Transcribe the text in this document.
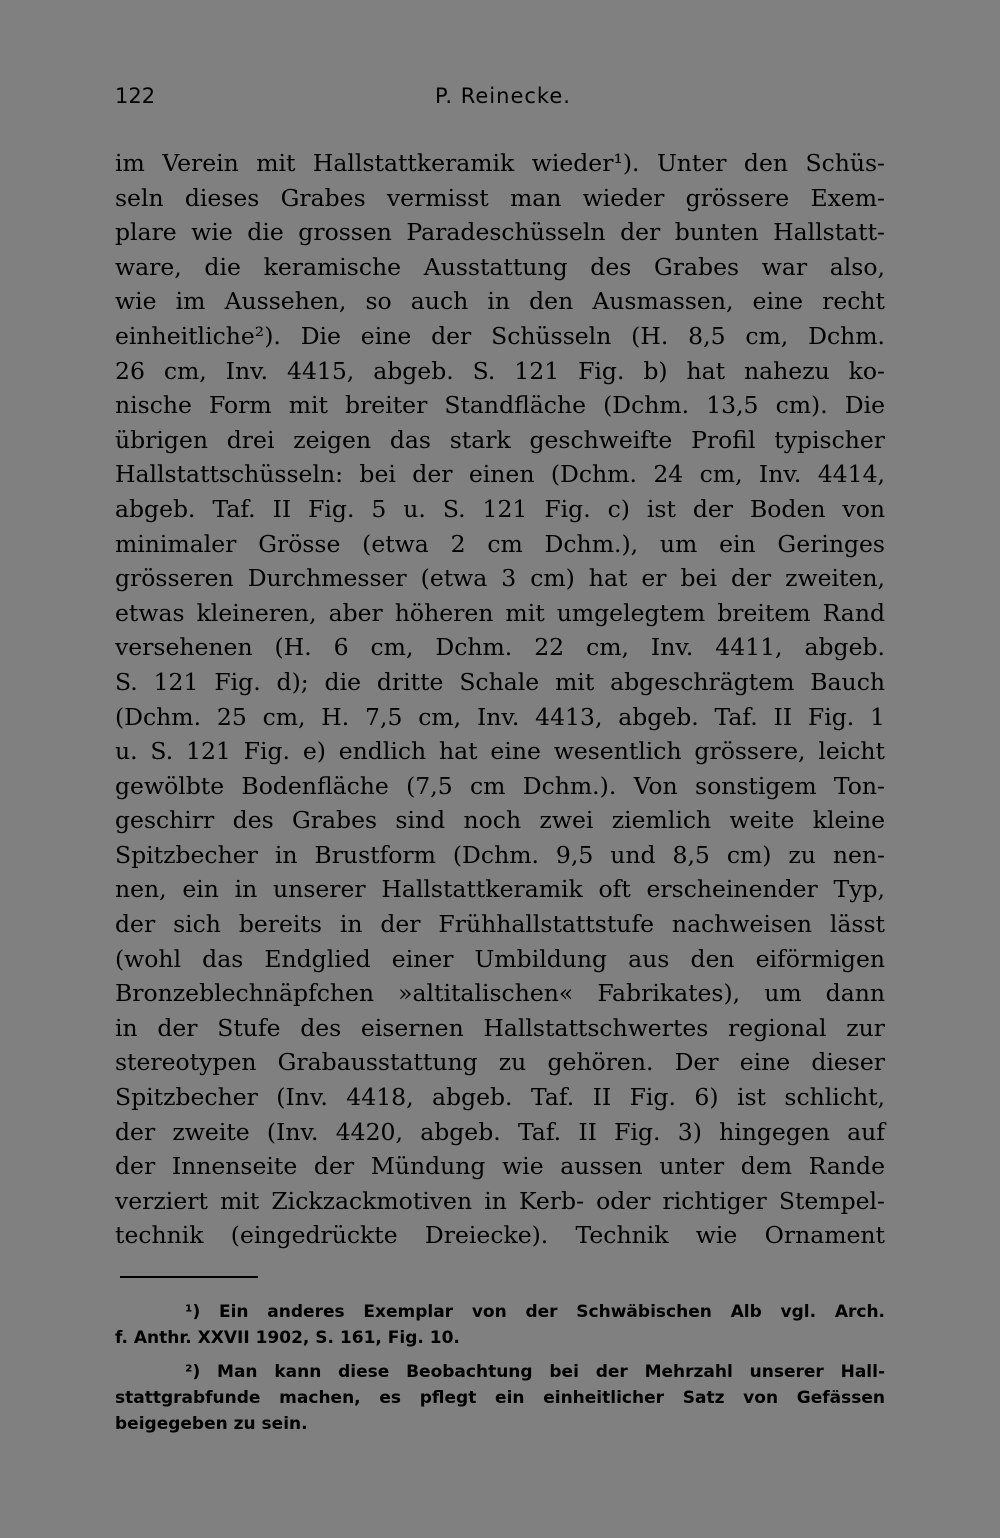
122	P. Reinecke.
im Verein mit Hallstattkeramik wieder¹). Unter den Schüs-
seln dieses Grabes vermisst man wieder grössere Exem-
plare wie die grossen Paradeschüsseln der bunten Hallstatt-
ware, die keramische Ausstattung des Grabes war also,
wie im Aussehen, so auch in den Ausmassen, eine recht
einheitliche²). Die eine der Schüsseln (H. 8,5 cm, Dchm.
26 cm, Inv. 4415, abgeb. S. 121 Fig. b) hat nahezu ko-
nische Form mit breiter Standfläche (Dchm. 13,5 cm). Die
übrigen drei zeigen das stark geschweifte Profil typischer
Hallstattschüsseln: bei der einen (Dchm. 24 cm, Inv. 4414,
abgeb. Taf. II Fig. 5 u. S. 121 Fig. c) ist der Boden von
minimaler Grösse (etwa 2 cm Dchm.), um ein Geringes
grösseren Durchmesser (etwa 3 cm) hat er bei der zweiten,
etwas kleineren, aber höheren mit umgelegtem breitem Rand
versehenen (H. 6 cm, Dchm. 22 cm, Inv. 4411, abgeb.
S. 121 Fig. d); die dritte Schale mit abgeschrägtem Bauch
(Dchm. 25 cm, H. 7,5 cm, Inv. 4413, abgeb. Taf. II Fig. 1
u. S. 121 Fig. e) endlich hat eine wesentlich grössere, leicht
gewölbte Bodenfläche (7,5 cm Dchm.). Von sonstigem Ton-
geschirr des Grabes sind noch zwei ziemlich weite kleine
Spitzbecher in Brustform (Dchm. 9,5 und 8,5 cm) zu nen-
nen, ein in unserer Hallstattkeramik oft erscheinender Typ,
der sich bereits in der Frühhallstattstufe nachweisen lässt
(wohl das Endglied einer Umbildung aus den eiförmigen
Bronzeblechnäpfchen »altitalischen« Fabrikates), um dann
in der Stufe des eisernen Hallstattschwertes regional zur
stereotypen Grabausstattung zu gehören. Der eine dieser
Spitzbecher (Inv. 4418, abgeb. Taf. II Fig. 6) ist schlicht,
der zweite (Inv. 4420, abgeb. Taf. II Fig. 3) hingegen auf
der Innenseite der Mündung wie aussen unter dem Rande
verziert mit Zickzackmotiven in Kerb- oder richtiger Stempel-
technik (eingedrückte Dreiecke). Technik wie Ornament
¹) Ein anderes Exemplar von der Schwäbischen Alb vgl. Arch.
f. Anthr. XXVII 1902, S. 161, Fig. 10.
²) Man kann diese Beobachtung bei der Mehrzahl unserer Hall-
stattgrabfunde machen, es pflegt ein einheitlicher Satz von Gefässen
beigegeben zu sein.
